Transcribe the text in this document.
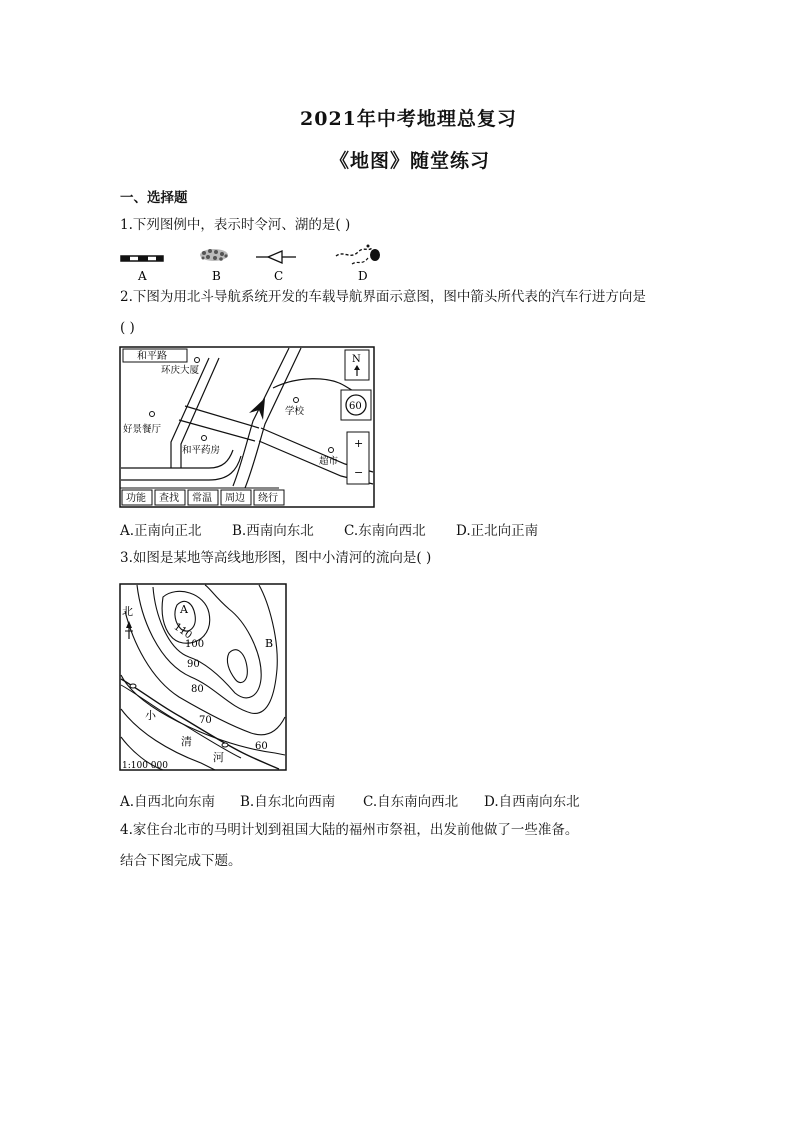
2021年中考地理总复习
《地图》随堂练习
一、选择题
1.下列图例中，表示时令河、湖的是( )
A	B	C	D
2.下图为用北斗导航系统开发的车载导航界面示意图，图中箭头所代表的汽车行进方向是
( )
和平路
环庆大厦
好景餐厅
和平药房
学校
超市
N
60
+
−
功能 查找 常温 周边 绕行
A.正南向正北 B.西南向东北 C.东南向西北 D.正北向正南
3.如图是某地等高线地形图，图中小清河的流向是( )
北	A
B
110
100
90
80
70
60
小
清
河
1:100 000
A.自西北向东南 B.自东北向西南 C.自东南向西北 D.自西南向东北
4.家住台北市的马明计划到祖国大陆的福州市祭祖，出发前他做了一些准备。
结合下图完成下题。
